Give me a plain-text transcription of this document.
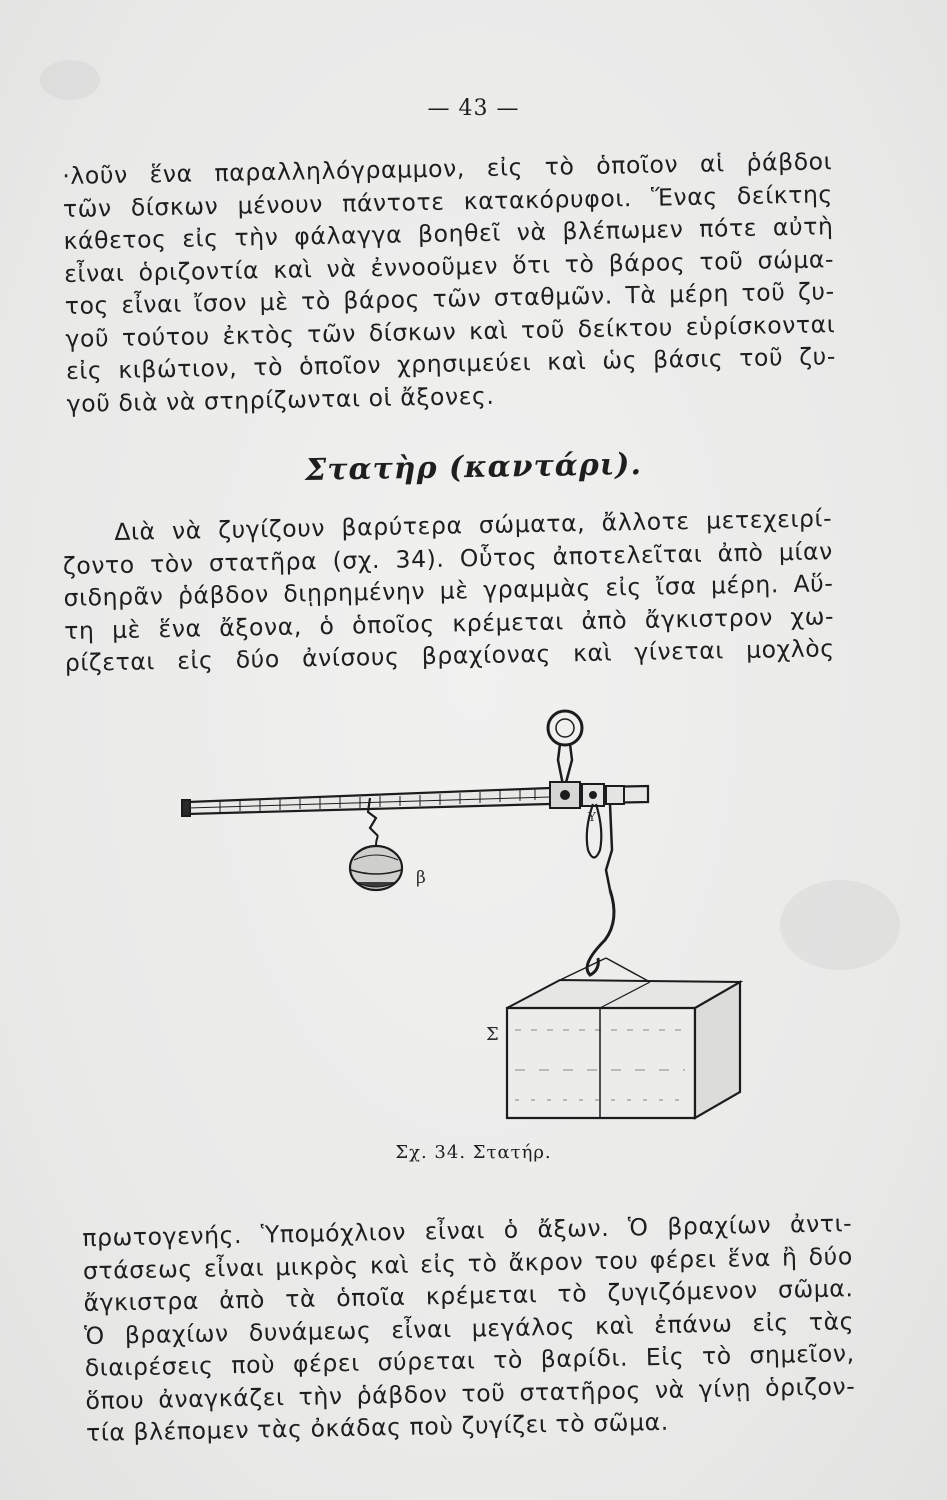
— 43 —
·λοῦν ἕνα παραλληλόγραμμον, εἰς τὸ ὁποῖον αἱ ῥάβδοι
τῶν δίσκων μένουν πάντοτε κατακόρυφοι. Ἕνας δείκτης
κάθετος εἰς τὴν φάλαγγα βοηθεῖ νὰ βλέπωμεν πότε αὐτὴ
εἶναι ὁριζοντία καὶ νὰ ἐννοοῦμεν ὅτι τὸ βάρος τοῦ σώμα-
τος εἶναι ἴσον μὲ τὸ βάρος τῶν σταθμῶν. Τὰ μέρη τοῦ ζυ-
γοῦ τούτου ἐκτὸς τῶν δίσκων καὶ τοῦ δείκτου εὑρίσκονται
εἰς κιβώτιον, τὸ ὁποῖον χρησιμεύει καὶ ὡς βάσις τοῦ ζυ-
γοῦ διὰ νὰ στηρίζωνται οἱ ἄξονες.
Στατὴρ (καντάρι).
Διὰ νὰ ζυγίζουν βαρύτερα σώματα, ἄλλοτε μετεχειρί-
ζοντο τὸν στατῆρα (σχ. 34). Οὗτος ἀποτελεῖται ἀπὸ μίαν
σιδηρᾶν ῥάβδον διῃρημένην μὲ γραμμὰς εἰς ἴσα μέρη. Αὕ-
τη μὲ ἕνα ἄξονα, ὁ ὁποῖος κρέμεται ἀπὸ ἄγκιστρον χω-
ρίζεται εἰς δύο ἀνίσους βραχίονας καὶ γίνεται μοχλὸς
β
Y
Σ
Σχ. 34. Στατήρ.
πρωτογενής. Ὑπομόχλιον εἶναι ὁ ἄξων. Ὁ βραχίων ἀντι-
στάσεως εἶναι μικρὸς καὶ εἰς τὸ ἄκρον του φέρει ἕνα ἢ δύο
ἄγκιστρα ἀπὸ τὰ ὁποῖα κρέμεται τὸ ζυγιζόμενον σῶμα.
Ὁ βραχίων δυνάμεως εἶναι μεγάλος καὶ ἐπάνω εἰς τὰς
διαιρέσεις ποὺ φέρει σύρεται τὸ βαρίδι. Εἰς τὸ σημεῖον,
ὅπου ἀναγκάζει τὴν ῥάβδον τοῦ στατῆρος νὰ γίνῃ ὁριζον-
τία βλέπομεν τὰς ὀκάδας ποὺ ζυγίζει τὸ σῶμα.
